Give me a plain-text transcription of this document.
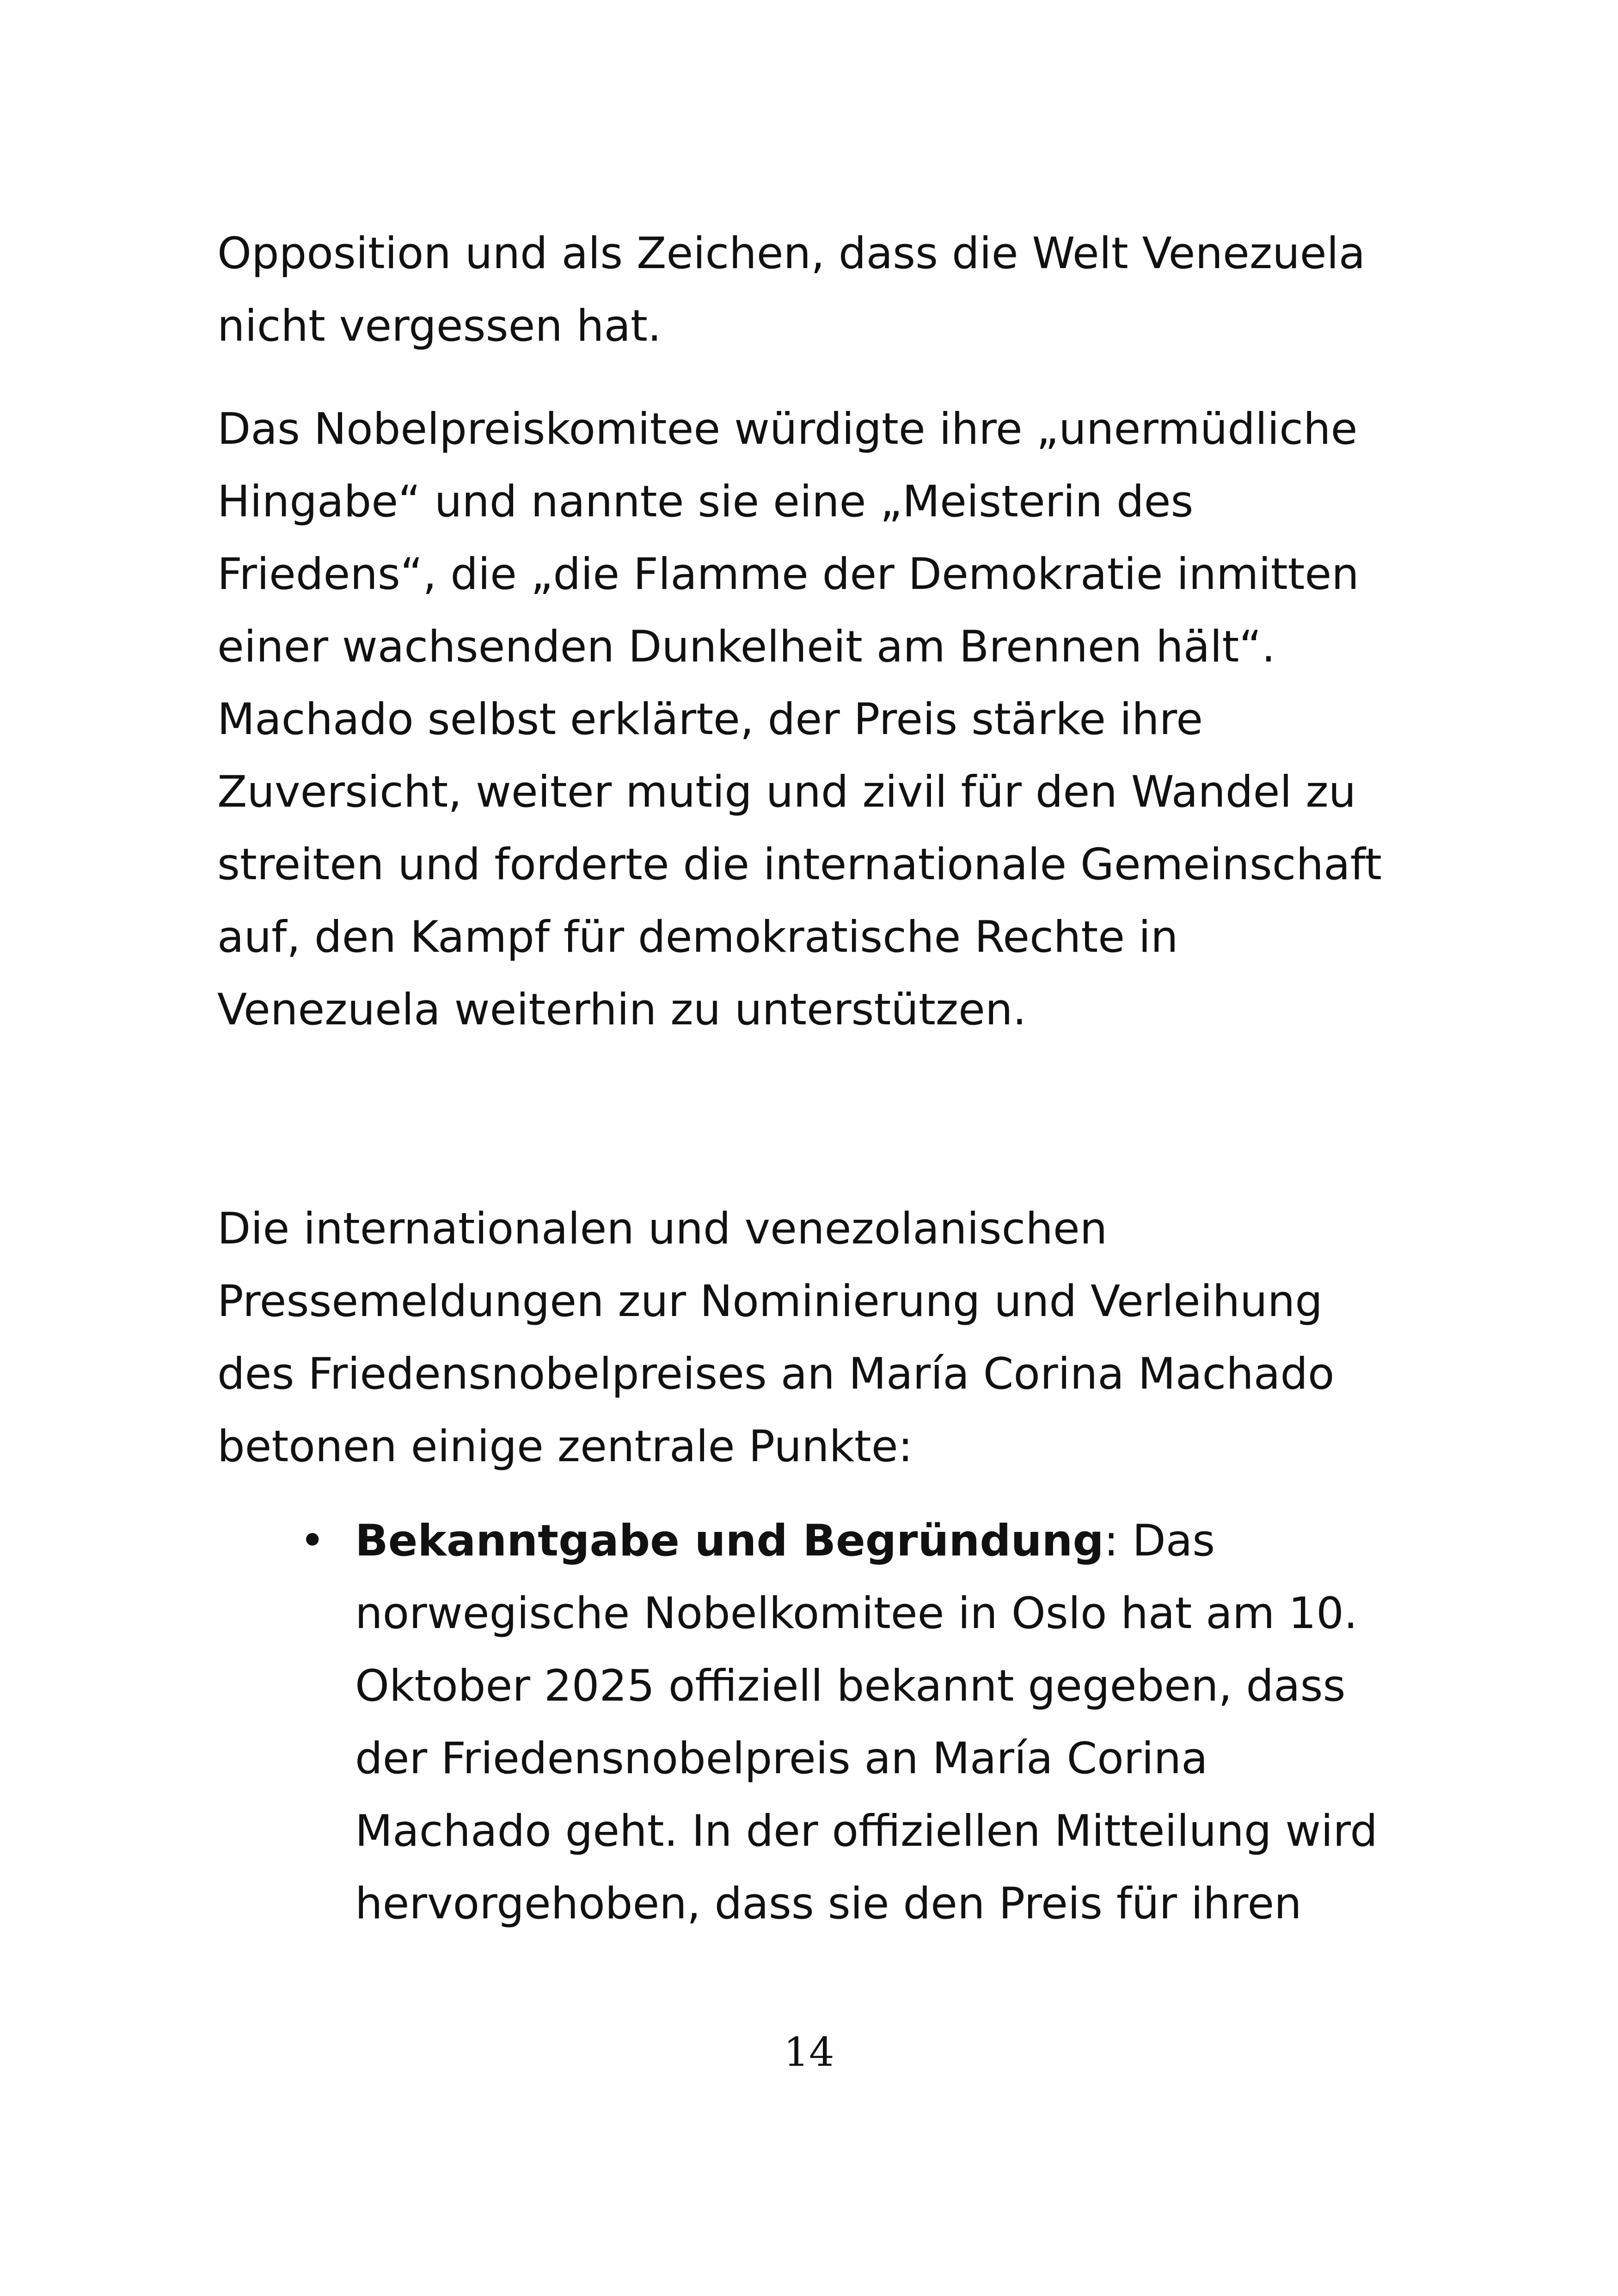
Opposition und als Zeichen, dass die Welt Venezuela
nicht vergessen hat.

Das Nobelpreiskomitee würdigte ihre „unermüdliche
Hingabe“ und nannte sie eine „Meisterin des
Friedens“, die „die Flamme der Demokratie inmitten
einer wachsenden Dunkelheit am Brennen hält“.
Machado selbst erklärte, der Preis stärke ihre
Zuversicht, weiter mutig und zivil für den Wandel zu
streiten und forderte die internationale Gemeinschaft
auf, den Kampf für demokratische Rechte in
Venezuela weiterhin zu unterstützen.

Die internationalen und venezolanischen
Pressemeldungen zur Nominierung und Verleihung
des Friedensnobelpreises an María Corina Machado
betonen einige zentrale Punkte:

• Bekanntgabe und Begründung: Das
norwegische Nobelkomitee in Oslo hat am 10.
Oktober 2025 offiziell bekannt gegeben, dass
der Friedensnobelpreis an María Corina
Machado geht. In der offiziellen Mitteilung wird
hervorgehoben, dass sie den Preis für ihren
14
